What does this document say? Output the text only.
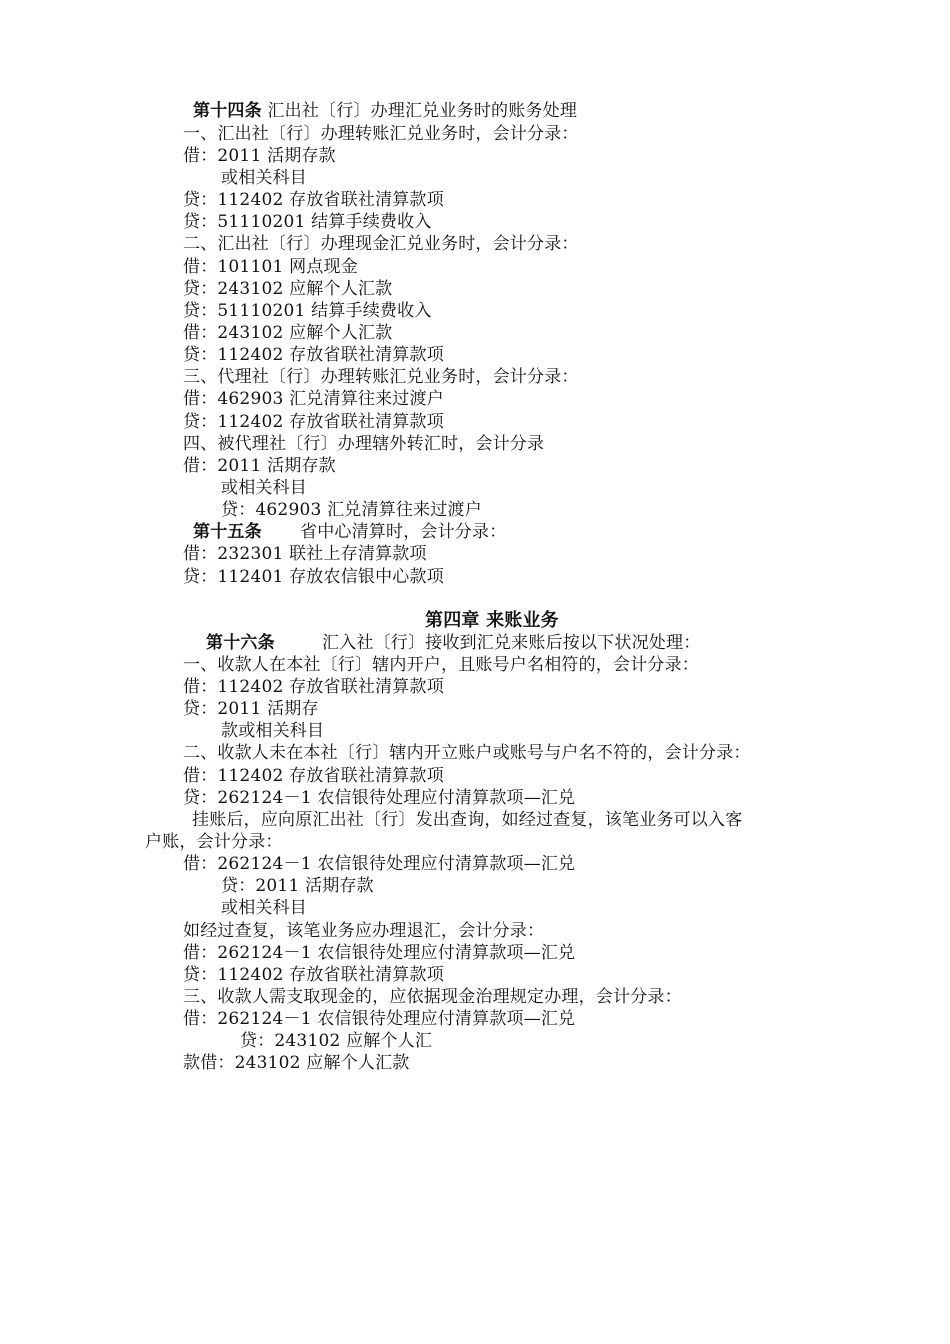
第十四条 汇出社〔行〕办理汇兑业务时的账务处理
一、汇出社〔行〕办理转账汇兑业务时，会计分录：
借：2011 活期存款
或相关科目
贷：112402 存放省联社清算款项
贷：51110201 结算手续费收入
二、汇出社〔行〕办理现金汇兑业务时，会计分录：
借：101101 网点现金
贷：243102 应解个人汇款
贷：51110201 结算手续费收入
借：243102 应解个人汇款
贷：112402 存放省联社清算款项
三、代理社〔行〕办理转账汇兑业务时，会计分录：
借：462903 汇兑清算往来过渡户
贷：112402 存放省联社清算款项
四、被代理社〔行〕办理辖外转汇时，会计分录
借：2011 活期存款
或相关科目
贷：462903 汇兑清算往来过渡户
第十五条 省中心清算时，会计分录：
借：232301 联社上存清算款项
贷：112401 存放农信银中心款项
第四章 来账业务
第十六条	汇入社〔行〕接收到汇兑来账后按以下状况处理：
一、收款人在本社〔行〕辖内开户，且账号户名相符的，会计分录：
借：112402 存放省联社清算款项
贷：2011 活期存
款或相关科目
二、收款人未在本社〔行〕辖内开立账户或账号与户名不符的，会计分录：
借：112402 存放省联社清算款项
贷：262124－1 农信银待处理应付清算款项—汇兑
挂账后，应向原汇出社〔行〕发出查询，如经过查复，该笔业务可以入客
户账，会计分录：
借：262124－1 农信银待处理应付清算款项—汇兑
贷：2011 活期存款
或相关科目
如经过查复，该笔业务应办理退汇，会计分录：
借：262124－1 农信银待处理应付清算款项—汇兑
贷：112402 存放省联社清算款项
三、收款人需支取现金的，应依据现金治理规定办理，会计分录：
借：262124－1 农信银待处理应付清算款项—汇兑
贷：243102 应解个人汇
款借：243102 应解个人汇款
